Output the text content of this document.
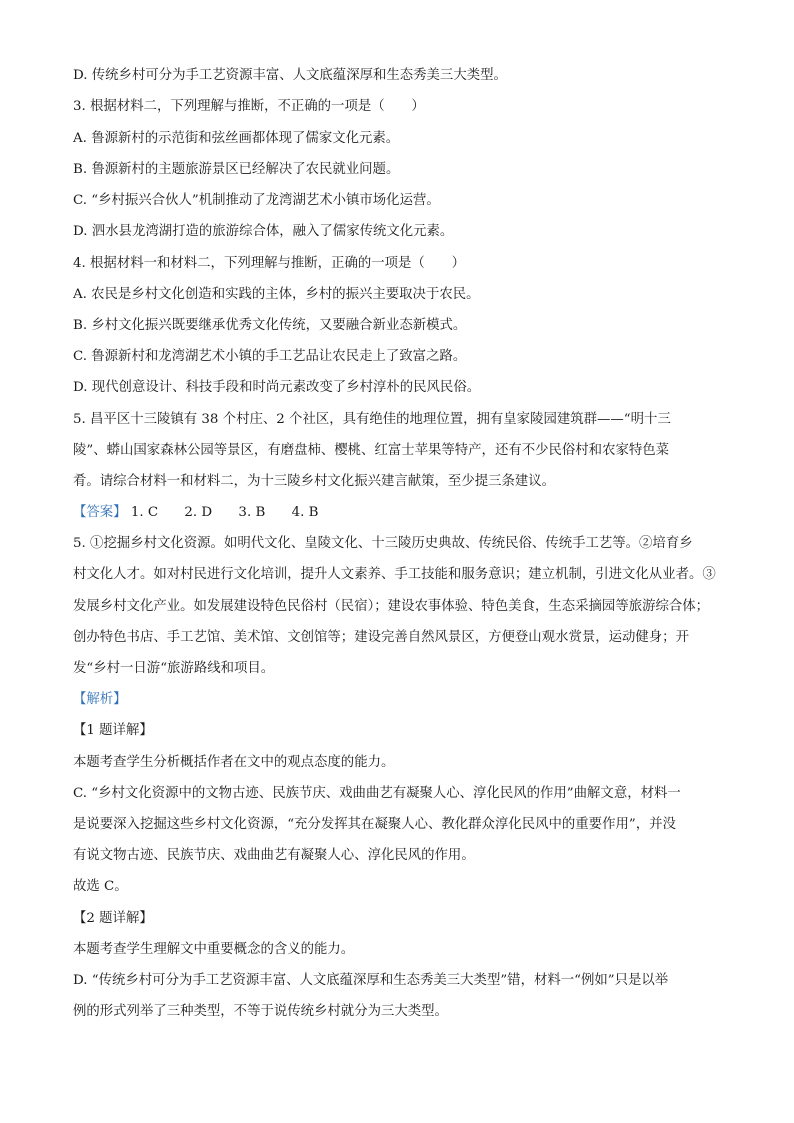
D. 传统乡村可分为手工艺资源丰富、人文底蕴深厚和生态秀美三大类型。
3. 根据材料二，下列理解与推断，不正确的一项是（　　）
A. 鲁源新村的示范街和弦丝画都体现了儒家文化元素。
B. 鲁源新村的主题旅游景区已经解决了农民就业问题。
C. “乡村振兴合伙人”机制推动了龙湾湖艺术小镇市场化运营。
D. 泗水县龙湾湖打造的旅游综合体，融入了儒家传统文化元素。
4. 根据材料一和材料二，下列理解与推断，正确的一项是（　　）
A. 农民是乡村文化创造和实践的主体，乡村的振兴主要取决于农民。
B. 乡村文化振兴既要继承优秀文化传统，又要融合新业态新模式。
C. 鲁源新村和龙湾湖艺术小镇的手工艺品让农民走上了致富之路。
D. 现代创意设计、科技手段和时尚元素改变了乡村淳朴的民风民俗。
5. 昌平区十三陵镇有 38 个村庄、2 个社区，具有绝佳的地理位置，拥有皇家陵园建筑群——“明十三
陵”、蟒山国家森林公园等景区，有磨盘柿、樱桃、红富士苹果等特产，还有不少民俗村和农家特色菜
肴。请综合材料一和材料二，为十三陵乡村文化振兴建言献策，至少提三条建议。
【答案】 1. C 2. D 3. B 4. B
5. ①挖掘乡村文化资源。如明代文化、皇陵文化、十三陵历史典故、传统民俗、传统手工艺等。②培育乡
村文化人才。如对村民进行文化培训，提升人文素养、手工技能和服务意识；建立机制，引进文化从业者。③
发展乡村文化产业。如发展建设特色民俗村（民宿）；建设农事体验、特色美食，生态采摘园等旅游综合体；
创办特色书店、手工艺馆、美术馆、文创馆等；建设完善自然风景区，方便登山观水赏景，运动健身；开
发“乡村一日游“旅游路线和项目。
【解析】
【1 题详解】
本题考查学生分析概括作者在文中的观点态度的能力。
C. “乡村文化资源中的文物古迹、民族节庆、戏曲曲艺有凝聚人心、淳化民风的作用”曲解文意，材料一
是说要深入挖掘这些乡村文化资源，“充分发挥其在凝聚人心、教化群众淳化民风中的重要作用”，并没
有说文物古迹、民族节庆、戏曲曲艺有凝聚人心、淳化民风的作用。
故选 C。
【2 题详解】
本题考查学生理解文中重要概念的含义的能力。
D. “传统乡村可分为手工艺资源丰富、人文底蕴深厚和生态秀美三大类型”错，材料一“例如”只是以举
例的形式列举了三种类型，不等于说传统乡村就分为三大类型。
